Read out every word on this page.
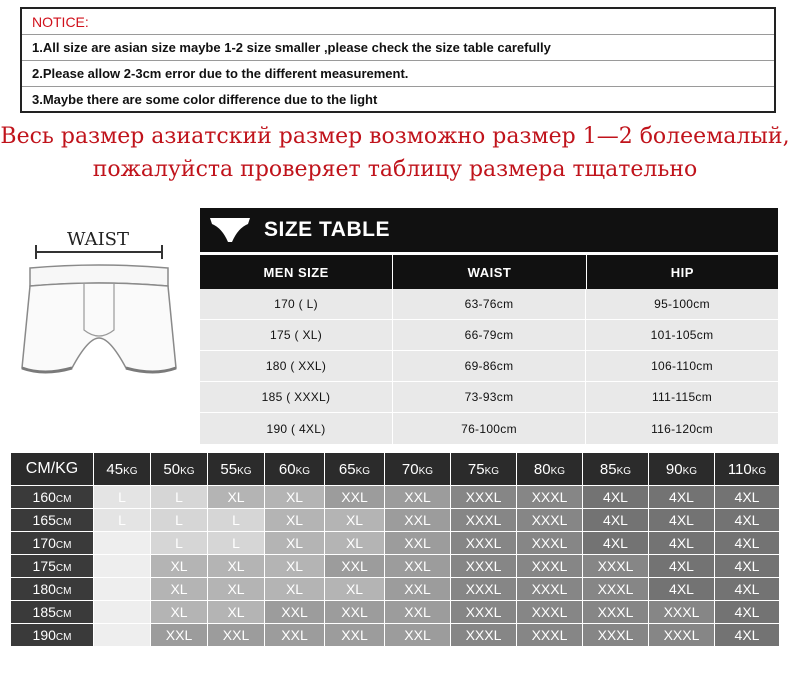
NOTICE:
1.All size are asian size maybe 1-2 size smaller ,please check the size table carefully
2.Please allow 2-3cm error due to the different measurement.
3.Maybe there are some color difference due to the light
Весь размер азиатский размер возможно размер 1—2 болеемалый,
пожалуйста проверяет таблицу размера тщательно
WAIST	SIZE TABLE
MEN SIZE	WAIST	HIP
170 ( L)	63-76cm	95-100cm
175 ( XL)	66-79cm	101-105cm
180 ( XXL)	69-86cm	106-110cm
185 ( XXXL)	73-93cm	111-115cm
190 ( 4XL)	76-100cm	116-120cm
CM/KG	45KG	50KG	55KG	60KG	65KG	70KG	75KG	80KG	85KG	90KG	110KG
160CM	L	L	XL	XL	XXL	XXL	XXXL	XXXL	4XL	4XL	4XL
165CM	L	L	L	XL	XL	XXL	XXXL	XXXL	4XL	4XL	4XL
170CM		L	L	XL	XL	XXL	XXXL	XXXL	4XL	4XL	4XL
175CM		XL	XL	XL	XXL	XXL	XXXL	XXXL	XXXL	4XL	4XL
180CM		XL	XL	XL	XL	XXL	XXXL	XXXL	XXXL	4XL	4XL
185CM		XL	XL	XXL	XXL	XXL	XXXL	XXXL	XXXL	XXXL	4XL
190CM		XXL	XXL	XXL	XXL	XXL	XXXL	XXXL	XXXL	XXXL	4XL
